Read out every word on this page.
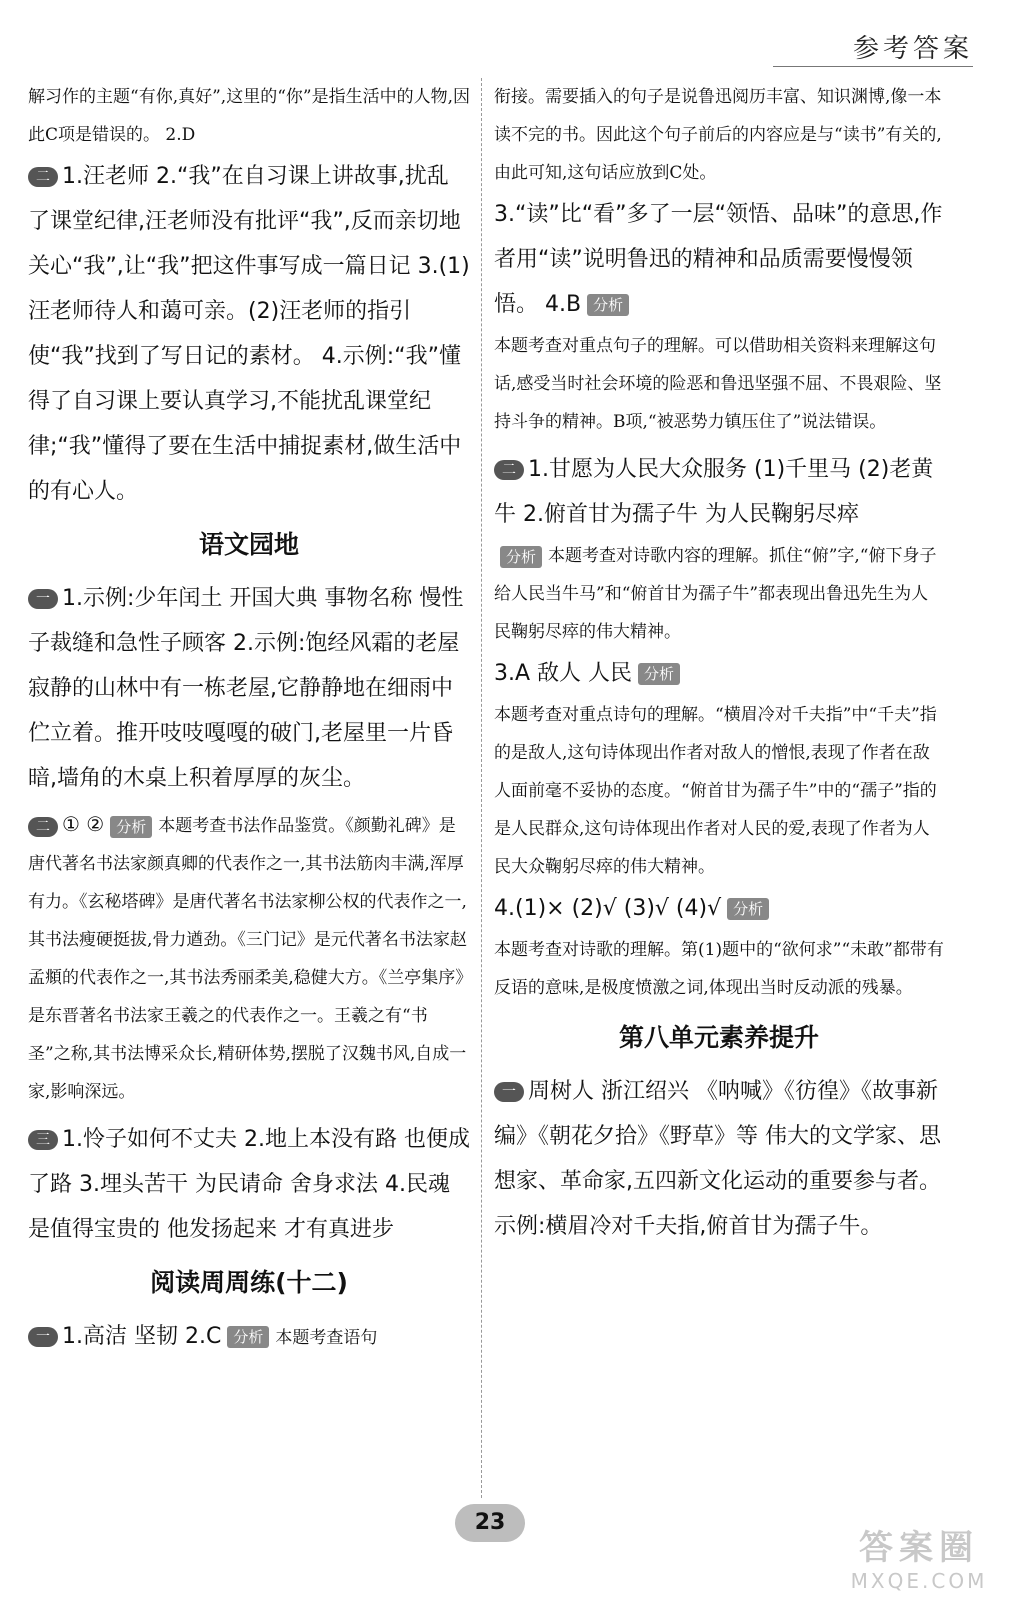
参考答案

解习作的主题“有你,真好”,这里的“你”是指生活中的人物,因此C项是错误的。 2.D

二 1.汪老师 2.“我”在自习课上讲故事,扰乱了课堂纪律,汪老师没有批评“我”,反而亲切地关心“我”,让“我”把这件事写成一篇日记 3.(1)汪老师待人和蔼可亲。(2)汪老师的指引使“我”找到了写日记的素材。 4.示例:“我”懂得了自习课上要认真学习,不能扰乱课堂纪律;“我”懂得了要在生活中捕捉素材,做生活中的有心人。

语文园地

一 1.示例:少年闰土 开国大典 事物名称 慢性子裁缝和急性子顾客 2.示例:饱经风霜的老屋 寂静的山林中有一栋老屋,它静静地在细雨中伫立着。推开吱吱嘎嘎的破门,老屋里一片昏暗,墙角的木桌上积着厚厚的灰尘。

二 ① ② 分析 本题考查书法作品鉴赏。《颜勤礼碑》是唐代著名书法家颜真卿的代表作之一,其书法筋肉丰满,浑厚有力。《玄秘塔碑》是唐代著名书法家柳公权的代表作之一,其书法瘦硬挺拔,骨力遒劲。《三门记》是元代著名书法家赵孟頫的代表作之一,其书法秀丽柔美,稳健大方。《兰亭集序》是东晋著名书法家王羲之的代表作之一。王羲之有“书圣”之称,其书法博采众长,精研体势,摆脱了汉魏书风,自成一家,影响深远。

三 1.怜子如何不丈夫 2.地上本没有路 也便成了路 3.埋头苦干 为民请命 舍身求法 4.民魂是值得宝贵的 他发扬起来 才有真进步

阅读周周练(十二)

一 1.高洁 坚韧 2.C 分析 本题考查语句

衔接。需要插入的句子是说鲁迅阅历丰富、知识渊博,像一本读不完的书。因此这个句子前后的内容应是与“读书”有关的,由此可知,这句话应放到C处。

3.“读”比“看”多了一层“领悟、品味”的意思,作者用“读”说明鲁迅的精神和品质需要慢慢领悟。 4.B 分析

本题考查对重点句子的理解。可以借助相关资料来理解这句话,感受当时社会环境的险恶和鲁迅坚强不屈、不畏艰险、坚持斗争的精神。B项,“被恶势力镇压住了”说法错误。

二 1.甘愿为人民大众服务 (1)千里马 (2)老黄牛 2.俯首甘为孺子牛 为人民鞠躬尽瘁

分析 本题考查对诗歌内容的理解。抓住“俯”字,“俯下身子给人民当牛马”和“俯首甘为孺子牛”都表现出鲁迅先生为人民鞠躬尽瘁的伟大精神。

3.A 敌人 人民 分析

本题考查对重点诗句的理解。“横眉冷对千夫指”中“千夫”指的是敌人,这句诗体现出作者对敌人的憎恨,表现了作者在敌人面前毫不妥协的态度。“俯首甘为孺子牛”中的“孺子”指的是人民群众,这句诗体现出作者对人民的爱,表现了作者为人民大众鞠躬尽瘁的伟大精神。

4.(1)× (2)√ (3)√ (4)√ 分析

本题考查对诗歌的理解。第(1)题中的“欲何求”“未敢”都带有反语的意味,是极度愤激之词,体现出当时反动派的残暴。

第八单元素养提升

一 周树人 浙江绍兴 《呐喊》《彷徨》《故事新编》《朝花夕拾》《野草》等 伟大的文学家、思想家、革命家,五四新文化运动的重要参与者。 示例:横眉冷对千夫指,俯首甘为孺子牛。

23
答案圈
MXQE.COM
